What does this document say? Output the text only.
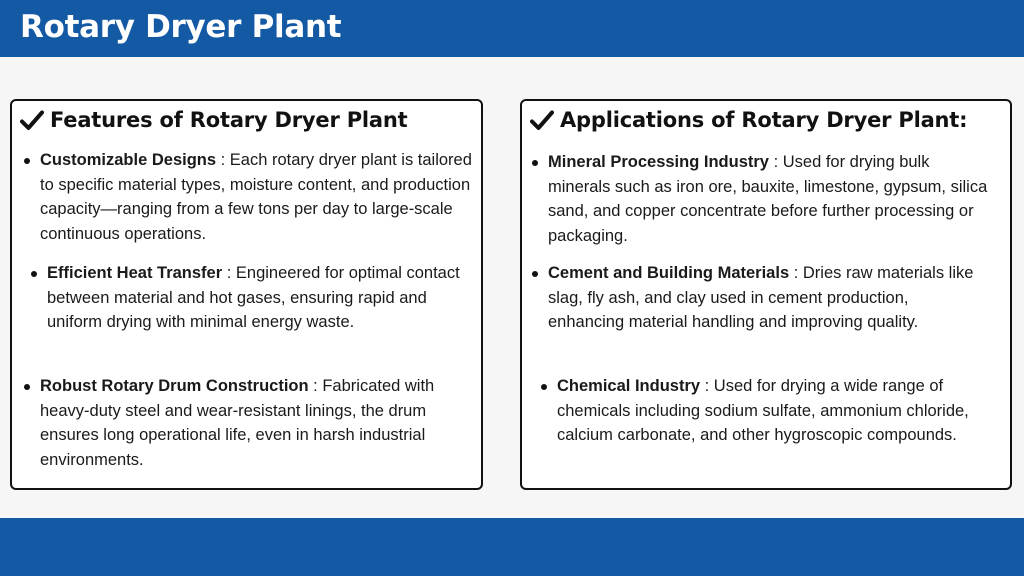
Rotary Dryer Plant
Features of Rotary Dryer Plant
Customizable Designs : Each rotary dryer plant is tailored to specific material types, moisture content, and production capacity—ranging from a few tons per day to large-scale continuous operations.
Efficient Heat Transfer : Engineered for optimal contact between material and hot gases, ensuring rapid and uniform drying with minimal energy waste.
Robust Rotary Drum Construction : Fabricated with heavy-duty steel and wear-resistant linings, the drum ensures long operational life, even in harsh industrial environments.
Applications of Rotary Dryer Plant:
Mineral Processing Industry : Used for drying bulk minerals such as iron ore, bauxite, limestone, gypsum, silica sand, and copper concentrate before further processing or packaging.
Cement and Building Materials : Dries raw materials like slag, fly ash, and clay used in cement production, enhancing material handling and improving quality.
Chemical Industry : Used for drying a wide range of chemicals including sodium sulfate, ammonium chloride, calcium carbonate, and other hygroscopic compounds.
